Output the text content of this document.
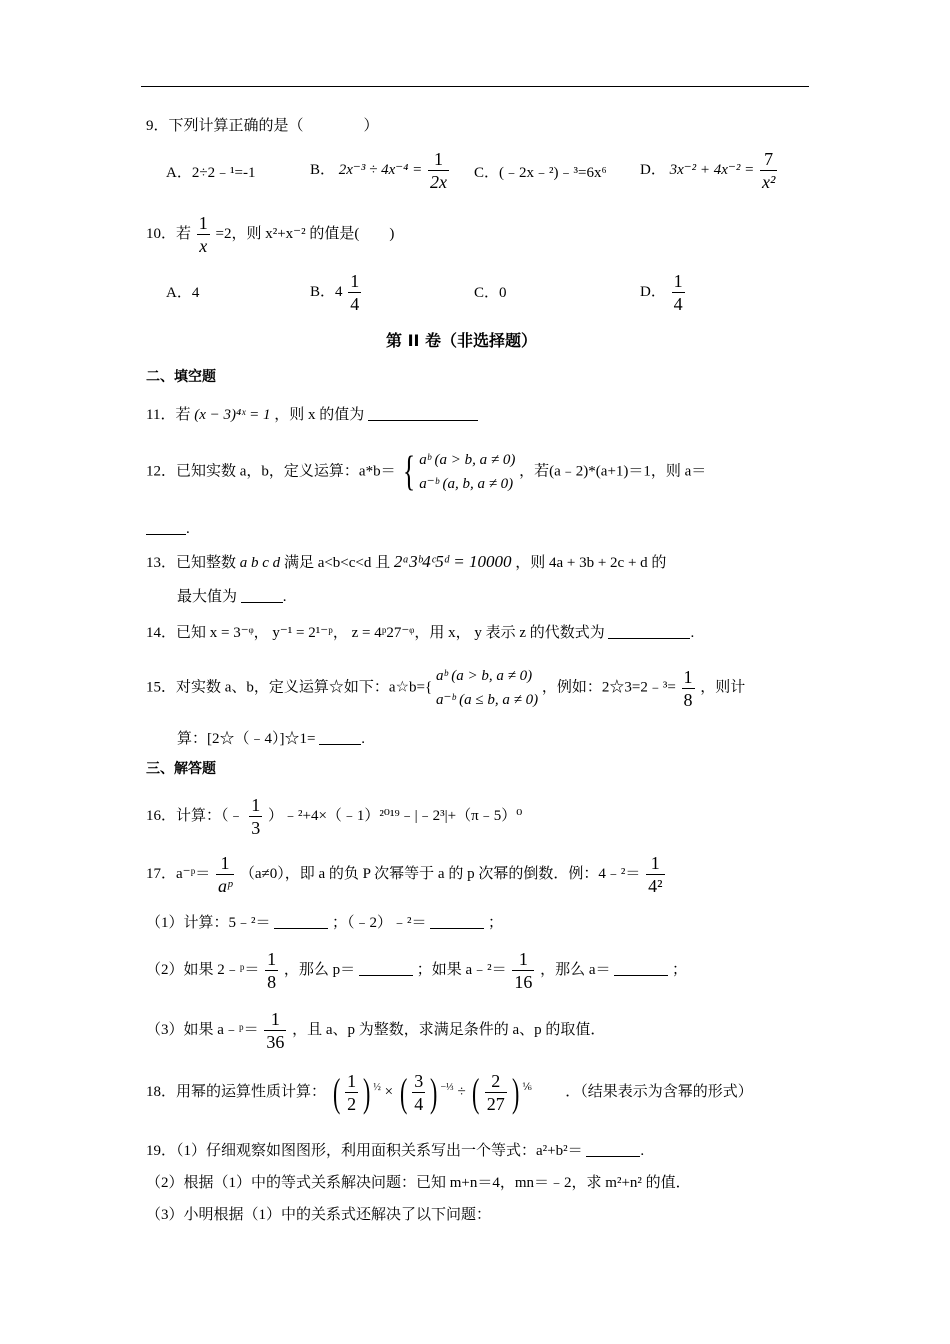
9．下列计算正确的是（　　　　）
A．2÷2﹣¹=-1	B． $2x^{-3} \div 4x^{-4} = \frac{1}{2x}$ C．(﹣2x﹣²)﹣³=6x⁶ D． $3x^{-2} + 4x^{-2} = \frac{7}{\text{x²}}$
10．若 $\frac{1}{x} =2$，则 x²+x⁻² 的值是(　　)
A．4	B．$4 \frac{1}{4}$	C．0	D． $\frac{1}{4}$
第 II 卷（非选择题）
二、填空题
11．若 (x − 3)⁴ˣ = 1 ，则 x 的值为
12．已知实数 a，b，定义运算：a*b＝ { aᵇ (a > b, a ≠ 0)
a⁻ᵇ (a, b, a ≠ 0)
，若(a﹣2)*(a+1)＝1，则 a＝
.
13．已知整数 a b c d 满足 a<b<c<d 且 2ᵃ3ᵇ4ᶜ5ᵈ = 10000 ，则 4a + 3b + 2c + d 的
最大值为	.
14．已知 x = 3⁻ᵠ， y⁻¹ = 2¹⁻ᵖ， z = 4ᵖ27⁻ᵠ，用 x， y 表示 z 的代数式为	.
15．对实数 a、b，定义运算☆如下：a☆b={
aᵇ (a > b, a ≠ 0)
a⁻ᵇ (a ≤ b, a ≠ 0)
，例如：2☆3=2﹣³= $\frac{1}{8}$ ，则计
算：[2☆（﹣4）]☆1=	.
三、解答题
16．计算：（﹣ $\frac{1}{3}$ ）﹣²+4×（﹣1）²⁰¹⁹﹣|﹣2³|+（π﹣5）⁰
17．a⁻ᵖ＝ $\frac{1}{\text{aᵖ}} (a\ne 0)$，即 a 的负 P 次幂等于 a 的 p 次幂的倒数．例：4﹣²＝ $\frac{1}{\text{4²}}$
（1）计算：5﹣²＝	；（﹣2）﹣²＝	；
（2）如果 2﹣ᵖ＝ $\frac{1}{8}$ ，那么 p＝	；如果 a﹣²＝ $\frac{1}{16}$ ，那么 a＝	；
（3）如果 a﹣ᵖ＝ $\frac{1}{36}$ ，且 a、p 为整数，求满足条件的 a、p 的取值．
18．用幂的运算性质计算： ( $\frac{1}{2}$ ) $^{\frac{1}{2}}$ × ( $\frac{3}{4}$ ) $^{-\frac{1}{3}}$ ÷ ( $\frac{2}{27}$ ) $^{\frac{1}{6}}$ ．（结果表示为含幂的形式）
19．（1）仔细观察如图图形，利用面积关系写出一个等式：a²+b²＝	.
（2）根据（1）中的等式关系解决问题：已知 m+n＝4，mn＝﹣2，求 m²+n² 的值．
（3）小明根据（1）中的关系式还解决了以下问题：
